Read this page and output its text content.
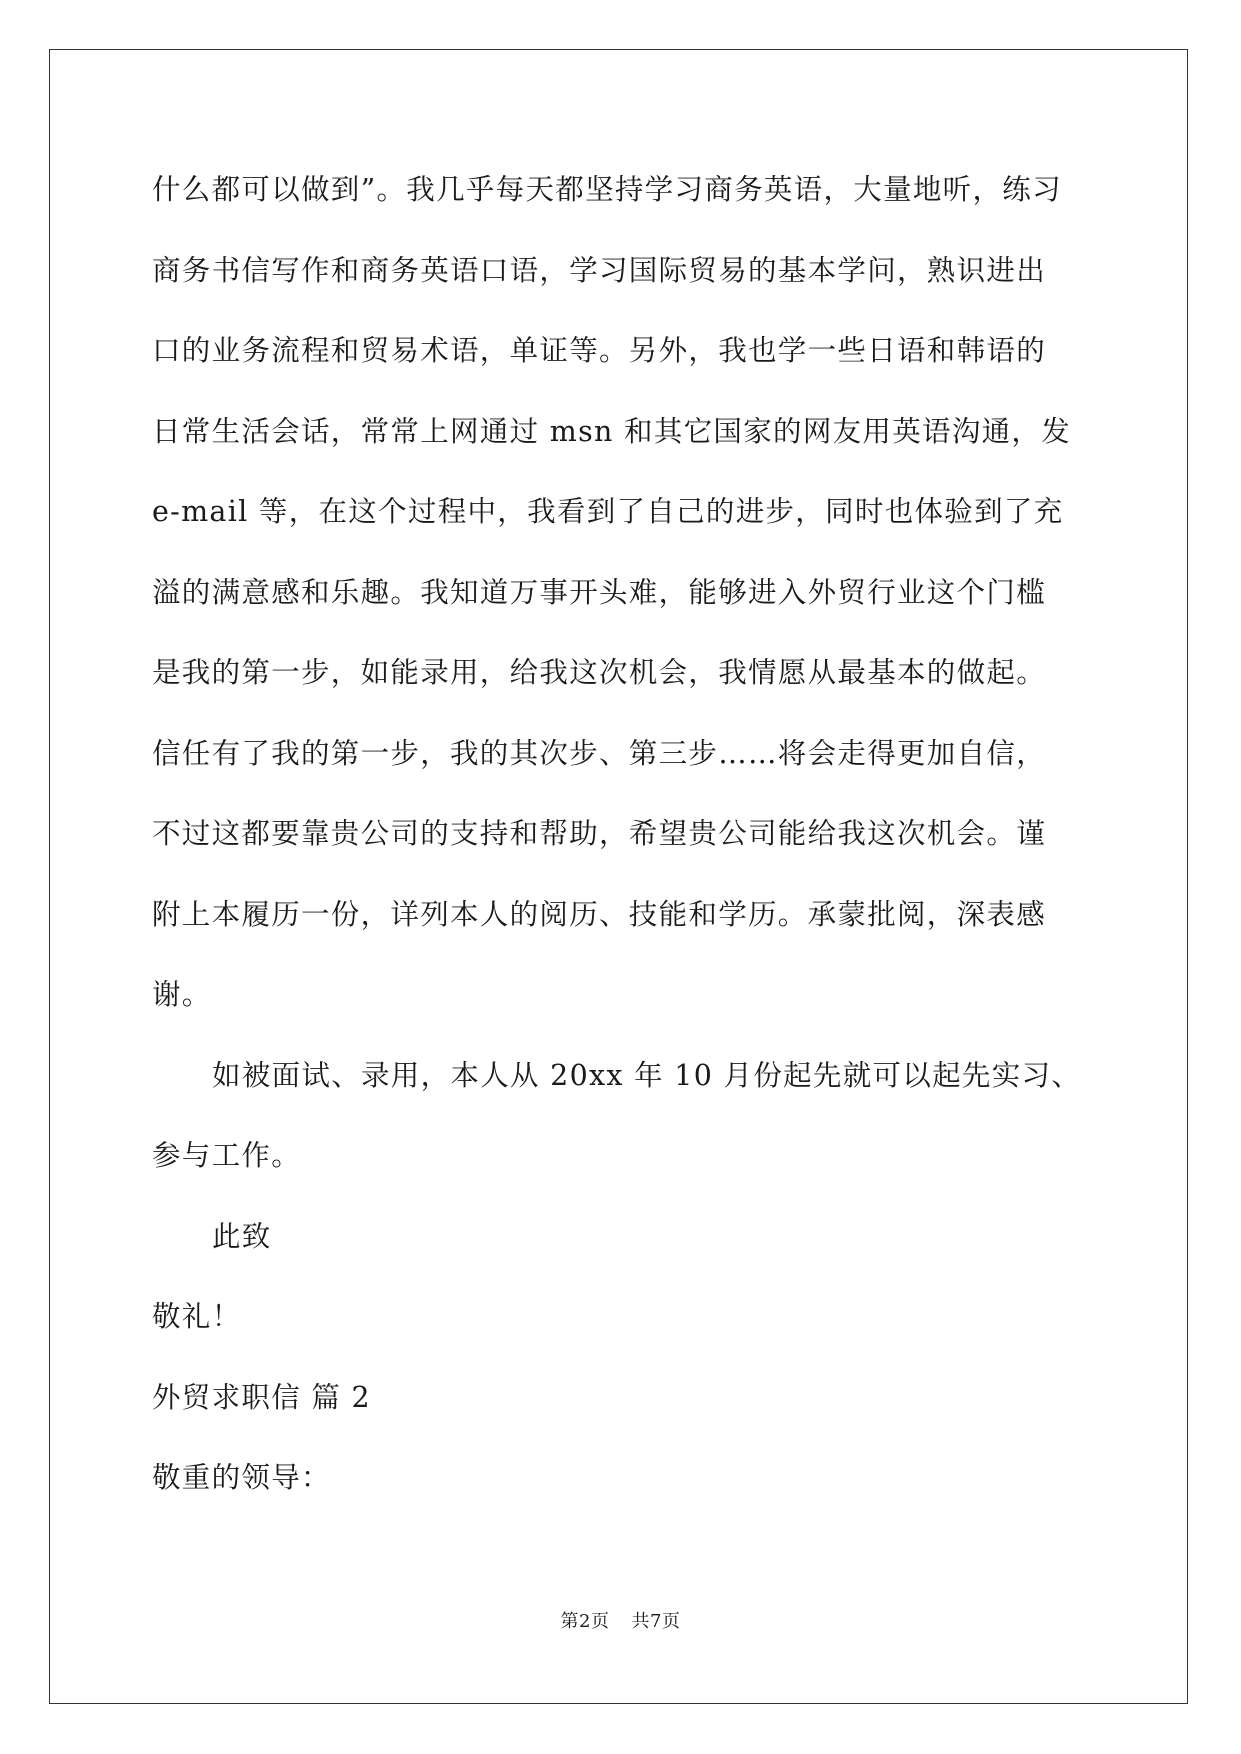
什么都可以做到”。我几乎每天都坚持学习商务英语，大量地听，练习
商务书信写作和商务英语口语，学习国际贸易的基本学问，熟识进出
口的业务流程和贸易术语，单证等。另外，我也学一些日语和韩语的
日常生活会话，常常上网通过 msn 和其它国家的网友用英语沟通，发
e-mail 等，在这个过程中，我看到了自己的进步，同时也体验到了充
溢的满意感和乐趣。我知道万事开头难，能够进入外贸行业这个门槛
是我的第一步，如能录用，给我这次机会，我情愿从最基本的做起。
信任有了我的第一步，我的其次步、第三步……将会走得更加自信，
不过这都要靠贵公司的支持和帮助，希望贵公司能给我这次机会。谨
附上本履历一份，详列本人的阅历、技能和学历。承蒙批阅，深表感
谢。
如被面试、录用，本人从 20xx 年 10 月份起先就可以起先实习、
参与工作。
此致
敬礼！
外贸求职信 篇 2
敬重的领导：
第2页 共7页
